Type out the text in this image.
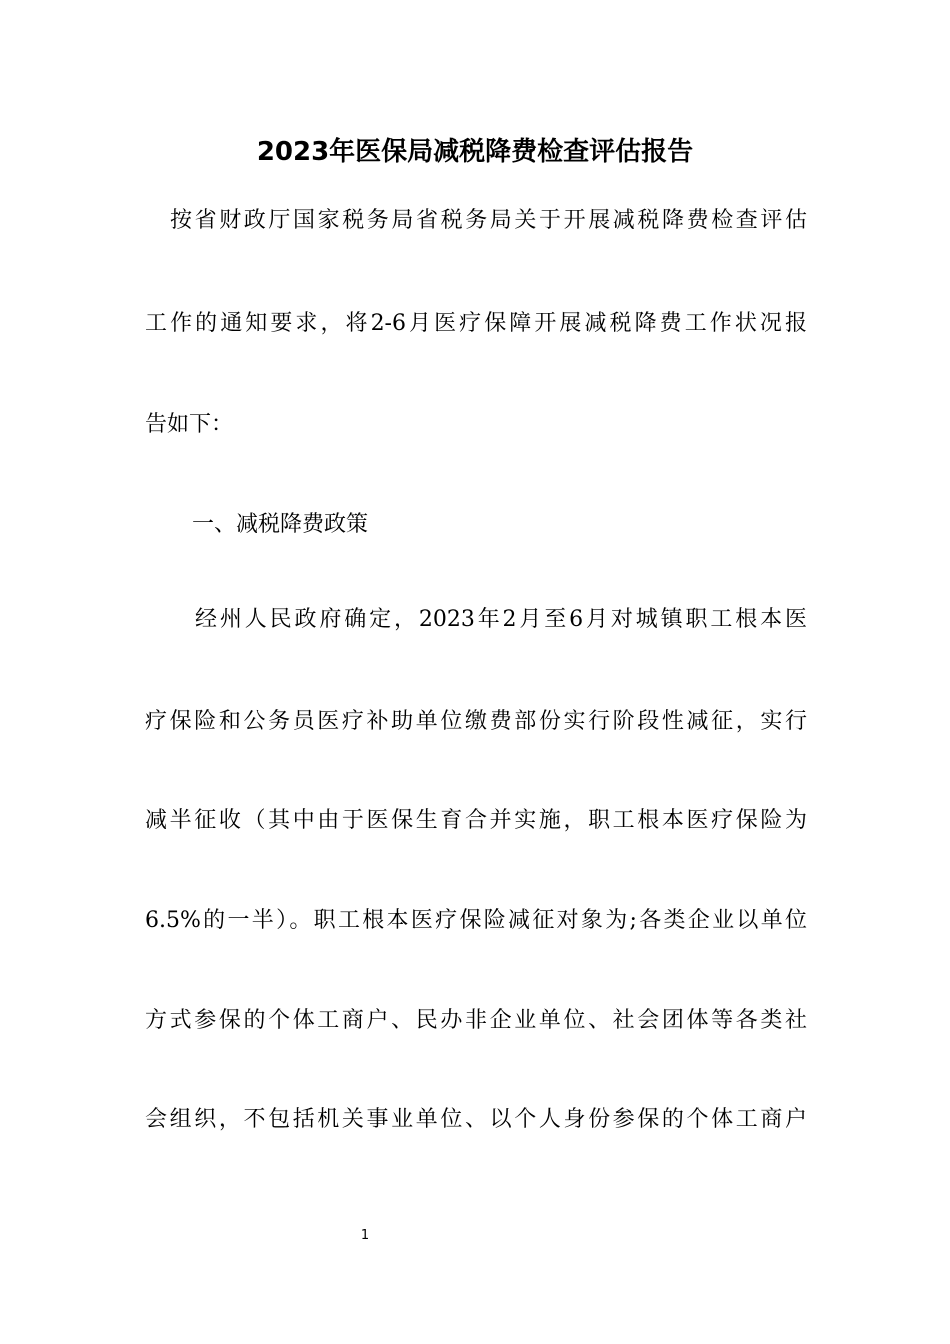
2023年医保局减税降费检查评估报告

按省财政厅国家税务局省税务局关于开展减税降费检查评估

工作的通知要求，将2-6月医疗保障开展减税降费工作状况报

告如下：

一、减税降费政策

经州人民政府确定，2023年2月至6月对城镇职工根本医

疗保险和公务员医疗补助单位缴费部份实行阶段性减征，实行

减半征收（其中由于医保生育合并实施，职工根本医疗保险为

6.5%的一半）。职工根本医疗保险减征对象为;各类企业以单位

方式参保的个体工商户、民办非企业单位、社会团体等各类社

会组织，不包括机关事业单位、以个人身份参保的个体工商户

1
